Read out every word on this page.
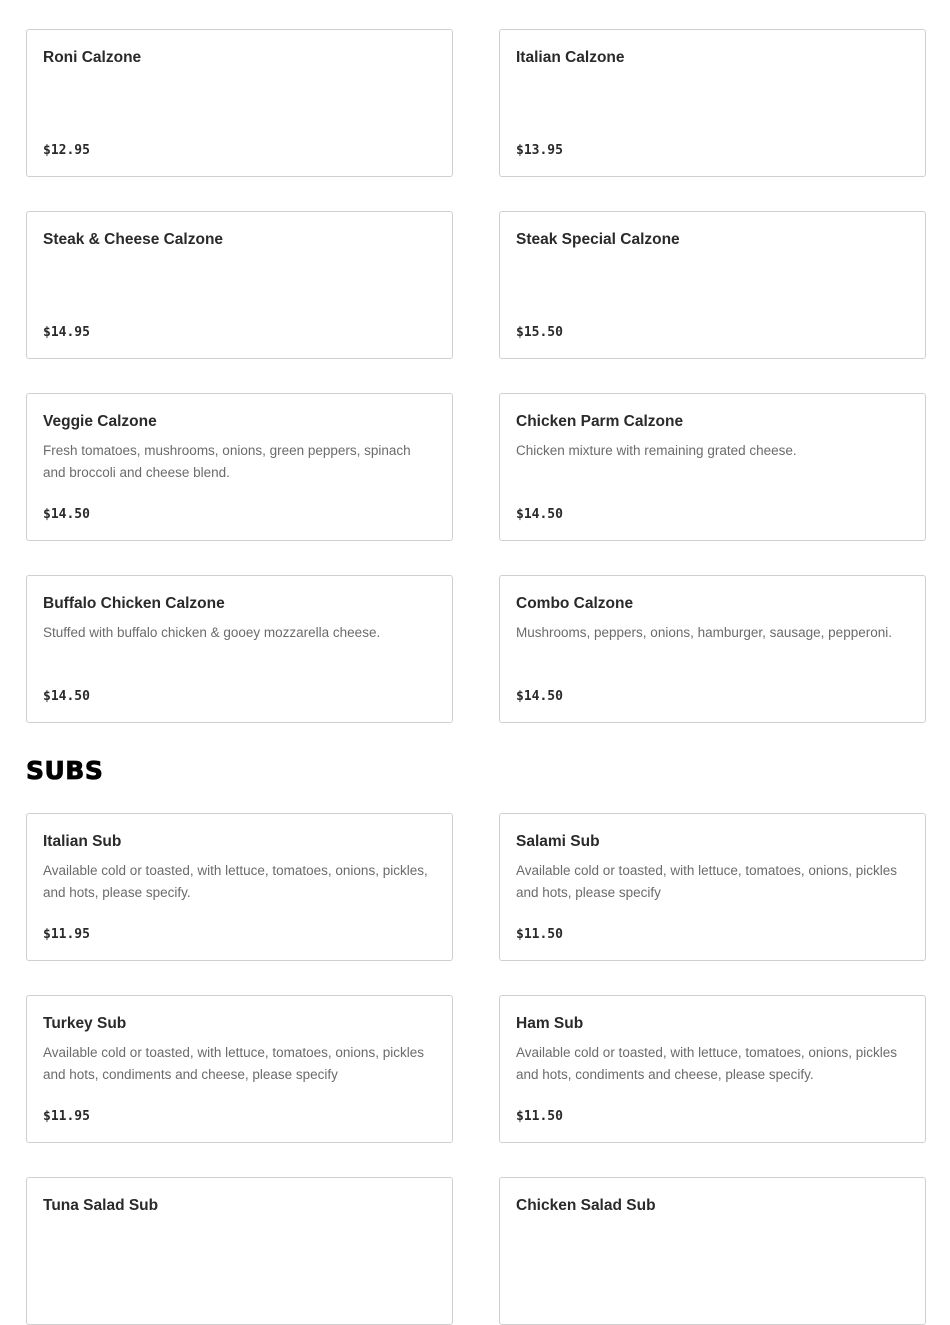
Roni Calzone
$12.95
Italian Calzone
$13.95
Steak & Cheese Calzone
$14.95
Steak Special Calzone
$15.50
Veggie Calzone
Fresh tomatoes, mushrooms, onions, green peppers, spinach and broccoli and cheese blend.
$14.50
Chicken Parm Calzone
Chicken mixture with remaining grated cheese.
$14.50
Buffalo Chicken Calzone
Stuffed with buffalo chicken & gooey mozzarella cheese.
$14.50
Combo Calzone
Mushrooms, peppers, onions, hamburger, sausage, pepperoni.
$14.50
SUBS
Italian Sub
Available cold or toasted, with lettuce, tomatoes, onions, pickles, and hots, please specify.
$11.95
Salami Sub
Available cold or toasted, with lettuce, tomatoes, onions, pickles and hots, please specify
$11.50
Turkey Sub
Available cold or toasted, with lettuce, tomatoes, onions, pickles and hots, condiments and cheese, please specify
$11.95
Ham Sub
Available cold or toasted, with lettuce, tomatoes, onions, pickles and hots, condiments and cheese, please specify.
$11.50
Tuna Salad Sub	Chicken Salad Sub
